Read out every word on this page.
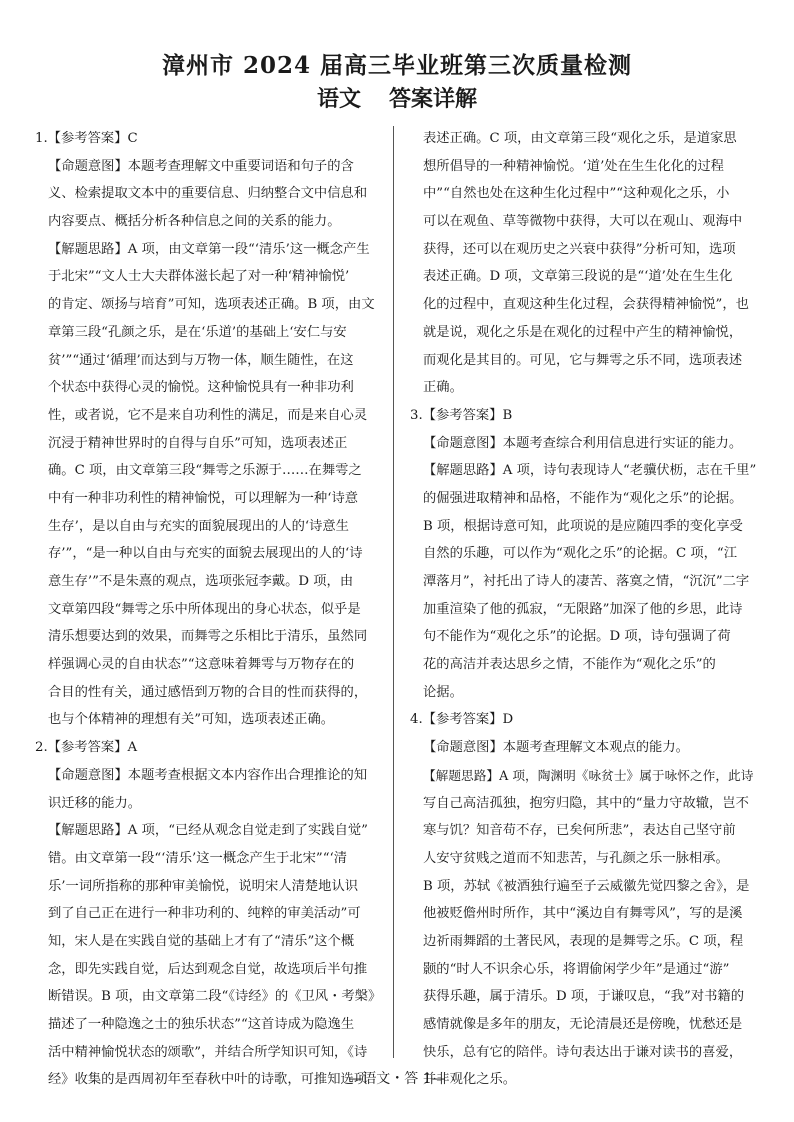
漳州市 2024 届高三毕业班第三次质量检测
语文 答案详解
1.【参考答案】C
【命题意图】本题考查理解文中重要词语和句子的含
义、检索提取文本中的重要信息、归纳整合文中信息和
内容要点、概括分析各种信息之间的关系的能力。
【解题思路】A 项，由文章第一段“‘清乐’这一概念产生
于北宋”“文人士大夫群体滋长起了对一种‘精神愉悦’
的肯定、颂扬与培育”可知，选项表述正确。B 项，由文
章第三段“孔颜之乐，是在‘乐道’的基础上‘安仁与安
贫’”“通过‘循理’而达到与万物一体，顺生随性，在这
个状态中获得心灵的愉悦。这种愉悦具有一种非功利
性，或者说，它不是来自功利性的满足，而是来自心灵
沉浸于精神世界时的自得与自乐”可知，选项表述正
确。C 项，由文章第三段“舞雩之乐源于……在舞雩之
中有一种非功利性的精神愉悦，可以理解为一种‘诗意
生存’，是以自由与充实的面貌展现出的人的‘诗意生
存’”，“是一种以自由与充实的面貌去展现出的人的‘诗
意生存’”不是朱熹的观点，选项张冠李戴。D 项，由
文章第四段“舞雩之乐中所体现出的身心状态，似乎是
清乐想要达到的效果，而舞雩之乐相比于清乐，虽然同
样强调心灵的自由状态”“这意味着舞雩与万物存在的
合目的性有关，通过感悟到万物的合目的性而获得的，
也与个体精神的理想有关”可知，选项表述正确。
2.【参考答案】A
【命题意图】本题考查根据文本内容作出合理推论的知
识迁移的能力。
【解题思路】A 项，“已经从观念自觉走到了实践自觉”
错。由文章第一段“‘清乐’这一概念产生于北宋”“‘清
乐’一词所指称的那种审美愉悦，说明宋人清楚地认识
到了自己正在进行一种非功利的、纯粹的审美活动”可
知，宋人是在实践自觉的基础上才有了“清乐”这个概
念，即先实践自觉，后达到观念自觉，故选项后半句推
断错误。B 项，由文章第二段“《诗经》的《卫风・考槃》
描述了一种隐逸之士的独乐状态”“这首诗成为隐逸生
活中精神愉悦状态的颂歌”，并结合所学知识可知，《诗
经》收集的是西周初年至春秋中叶的诗歌，可推知选项
表述正确。C 项，由文章第三段“观化之乐，是道家思
想所倡导的一种精神愉悦。‘道’处在生生化化的过程
中”“自然也处在这种生化过程中”“这种观化之乐，小
可以在观鱼、草等微物中获得，大可以在观山、观海中
获得，还可以在观历史之兴衰中获得”分析可知，选项
表述正确。D 项，文章第三段说的是“‘道’处在生生化
化的过程中，直观这种生化过程，会获得精神愉悦”，也
就是说，观化之乐是在观化的过程中产生的精神愉悦，
而观化是其目的。可见，它与舞雩之乐不同，选项表述
正确。
3.【参考答案】B
【命题意图】本题考查综合利用信息进行实证的能力。
【解题思路】A 项，诗句表现诗人“老骥伏枥，志在千里”
的倔强进取精神和品格，不能作为“观化之乐”的论据。
B 项，根据诗意可知，此项说的是应随四季的变化享受
自然的乐趣，可以作为“观化之乐”的论据。C 项，“江
潭落月”，衬托出了诗人的凄苦、落寞之情，“沉沉”二字
加重渲染了他的孤寂，“无限路”加深了他的乡思，此诗
句不能作为“观化之乐”的论据。D 项，诗句强调了荷
花的高洁并表达思乡之情，不能作为“观化之乐”的
论据。
4.【参考答案】D
【命题意图】本题考查理解文本观点的能力。
【解题思路】A 项，陶渊明《咏贫士》属于咏怀之作，此诗
写自己高洁孤独，抱穷归隐，其中的“量力守故辙，岂不
寒与饥？知音苟不存，已矣何所悲”，表达自己坚守前
人安守贫贱之道而不知悲苦，与孔颜之乐一脉相承。
B 项，苏轼《被酒独行遍至子云威徽先觉四黎之舍》，是
他被贬儋州时所作，其中“溪边自有舞雩风”，写的是溪
边祈雨舞蹈的土著民风，表现的是舞雩之乐。C 项，程
颢的“时人不识余心乐，将谓偷闲学少年”是通过“游”
获得乐趣，属于清乐。D 项，于谦叹息，“我”对书籍的
感情就像是多年的朋友，无论清晨还是傍晚，忧愁还是
快乐，总有它的陪伴。诗句表达出于谦对读书的喜爱，
并非观化之乐。
—语文・答 1—
